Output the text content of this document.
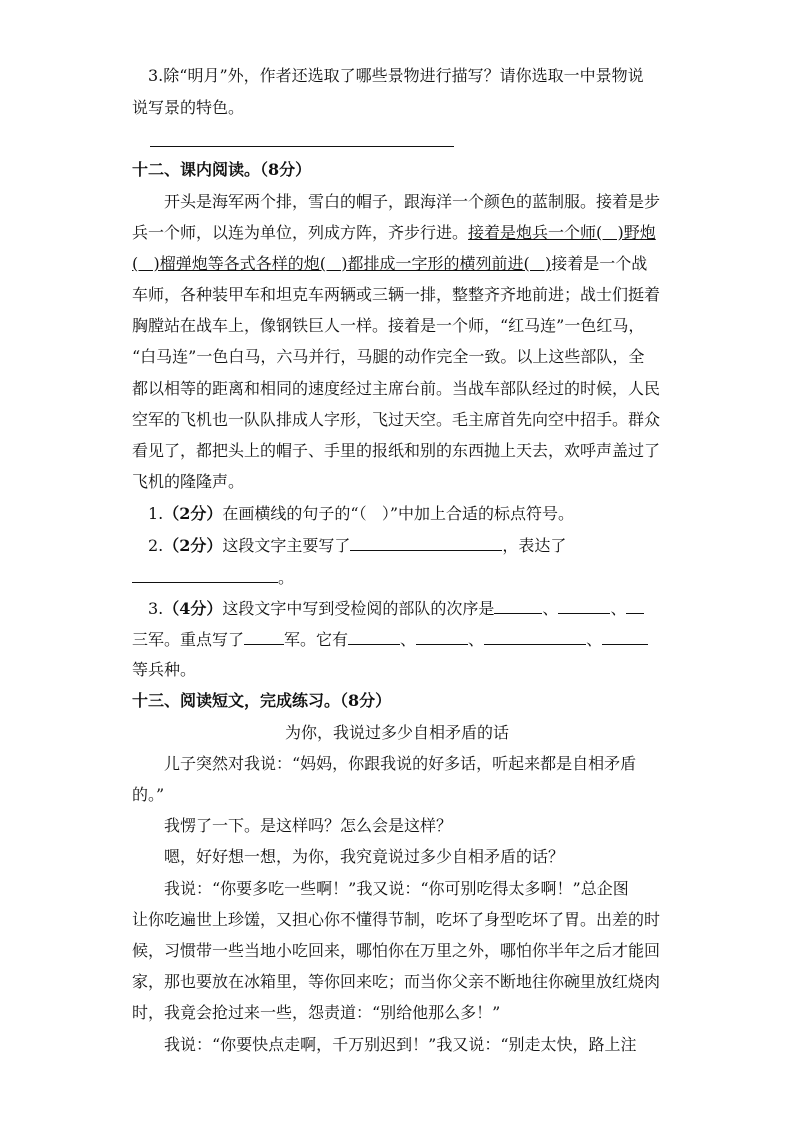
3.除“明月”外，作者还选取了哪些景物进行描写？请你选取一中景物说
说写景的特色。
十二、课内阅读。（8分）
开头是海军两个排，雪白的帽子，跟海洋一个颜色的蓝制服。接着是步
兵一个师，以连为单位，列成方阵，齐步行进。接着是炮兵一个师(   )野炮
(   )榴弹炮等各式各样的炮(   )都排成一字形的横列前进(   )接着是一个战
车师，各种装甲车和坦克车两辆或三辆一排，整整齐齐地前进；战士们挺着
胸膛站在战车上，像钢铁巨人一样。接着是一个师，“红马连”一色红马，
“白马连”一色白马，六马并行，马腿的动作完全一致。以上这些部队，全
都以相等的距离和相同的速度经过主席台前。当战车部队经过的时候，人民
空军的飞机也一队队排成人字形，飞过天空。毛主席首先向空中招手。群众
看见了，都把头上的帽子、手里的报纸和别的东西抛上天去，欢呼声盖过了
飞机的隆隆声。
1.（2分）在画横线的句子的“（   ）”中加上合适的标点符号。
2.（2分）这段文字主要写了	，表达了
。
3.（4分）这段文字中写到受检阅的部队的次序是	、	、
三军。重点写了	军。它有	、	、	、
等兵种。
十三、阅读短文，完成练习。（8分）
为你，我说过多少自相矛盾的话
儿子突然对我说：“妈妈，你跟我说的好多话，听起来都是自相矛盾
的。”
我愣了一下。是这样吗？怎么会是这样？
嗯，好好想一想，为你，我究竟说过多少自相矛盾的话？
我说：“你要多吃一些啊！”我又说：“你可别吃得太多啊！”总企图
让你吃遍世上珍馐，又担心你不懂得节制，吃坏了身型吃坏了胃。出差的时
候，习惯带一些当地小吃回来，哪怕你在万里之外，哪怕你半年之后才能回
家，那也要放在冰箱里，等你回来吃；而当你父亲不断地往你碗里放红烧肉
时，我竟会抢过来一些，怨责道：“别给他那么多！”
我说：“你要快点走啊，千万别迟到！”我又说：“别走太快，路上注
